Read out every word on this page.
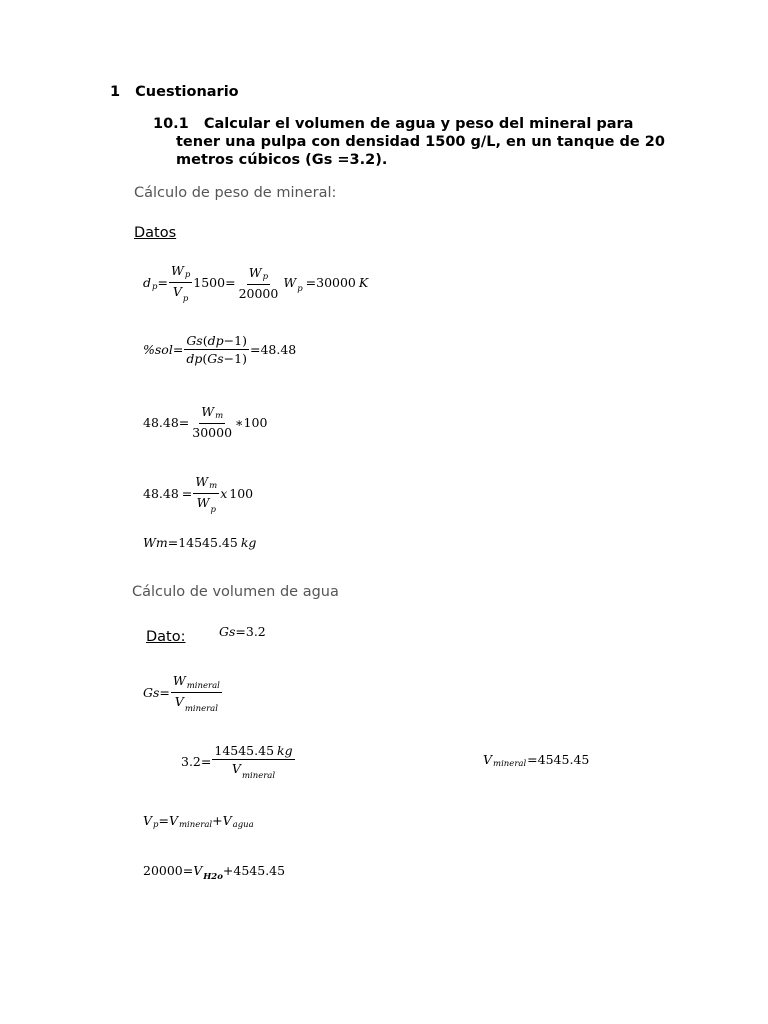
1 Cuestionario
10.1 Calcular el volumen de agua y peso del mineral para
tener una pulpa con densidad 1500 g/L, en un tanque de 20
metros cúbicos (Gs =3.2).
Cálculo de peso de mineral:
Datos
d $p = \frac{Wp}{V_p} 1500 = \frac{Wp}{20000}$ W p = 30000 K
$\%sol = \frac{Gs(dp-1)}{dp(Gs-1)} = 48.48$
$48.48 = \frac{Wm}{30000}$ ∗ 100
$48.48 = \frac{Wm}{W_p}$ x 100
Wm = 14545.45 kg
Cálculo de volumen de agua
Dato:	Gs =3.2
$Gs = \frac{W_{mineral}}{V_{mineral}}$
$3.2 = \frac{14545.45 kg}{V_{mineral}}$	V mineral = 4545.45
V p = V mineral + V agua
20000 = V H2o + 4545.45
